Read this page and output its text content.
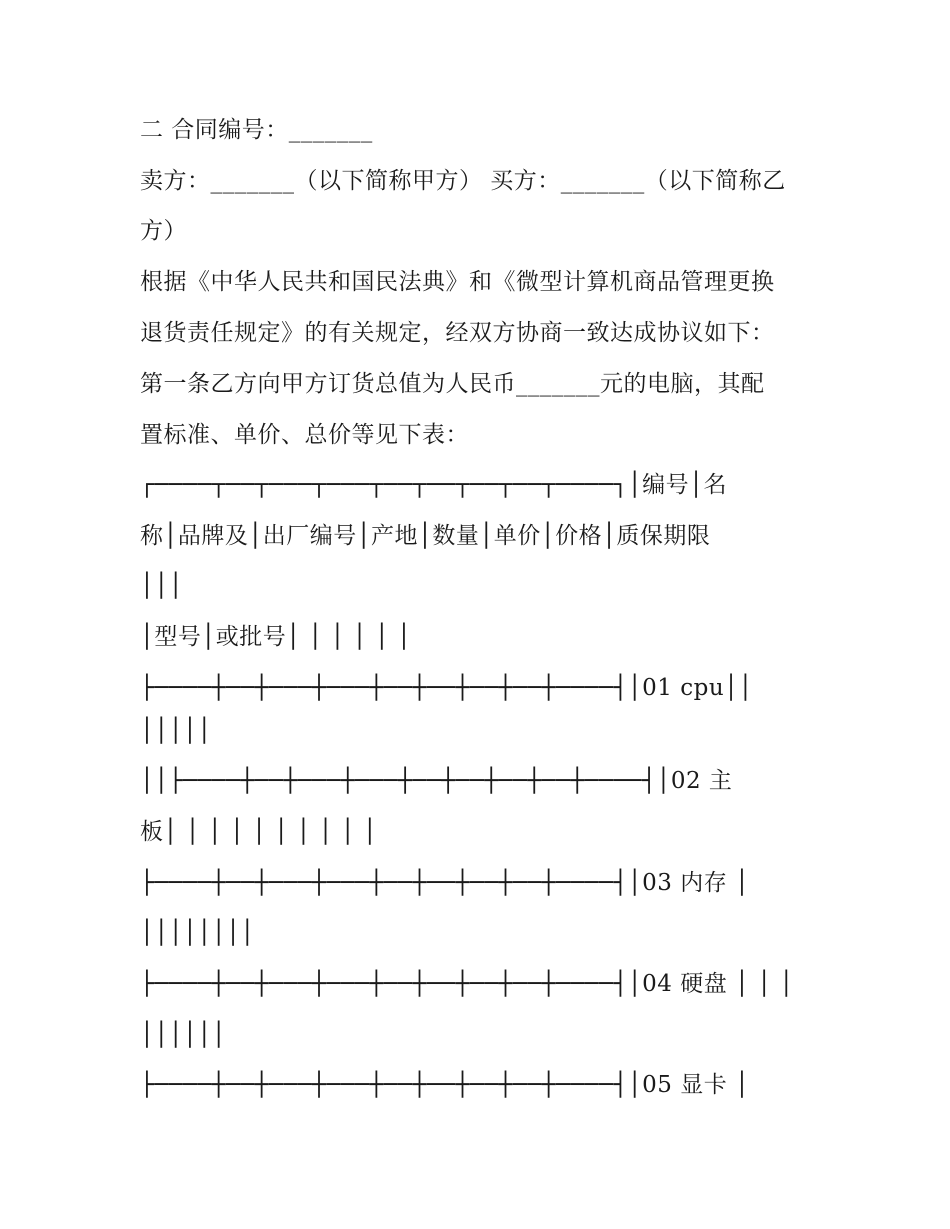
二 合同编号：_______
卖方：_______（以下简称甲方） 买方：_______（以下简称乙
方）
根据《中华人民共和国民法典》和《微型计算机商品管理更换
退货责任规定》的有关规定，经双方协商一致达成协议如下：
第一条乙方向甲方订货总值为人民币_______元的电脑，其配
置标准、单价、总价等见下表：
┌────┬──┬───┬───┬──┬──┬──┬──┬────┐│编号│名
称│品牌及│出厂编号│产地│数量│单价│价格│质保期限
│││
│型号│或批号│ │ │ │ │ │
├────┼──┼───┼───┼──┼──┼──┼──┼────┤│01 cpu││
│││││
││├────┼──┼───┼───┼──┼──┼──┼──┼────┤│02 主
板│ │ │ │ │ │ │ │ │ │
├────┼──┼───┼───┼──┼──┼──┼──┼────┤│03 内存 │
││││││││
├────┼──┼───┼───┼──┼──┼──┼──┼────┤│04 硬盘 │ │ │
││││││
├────┼──┼───┼───┼──┼──┼──┼──┼────┤│05 显卡 │
